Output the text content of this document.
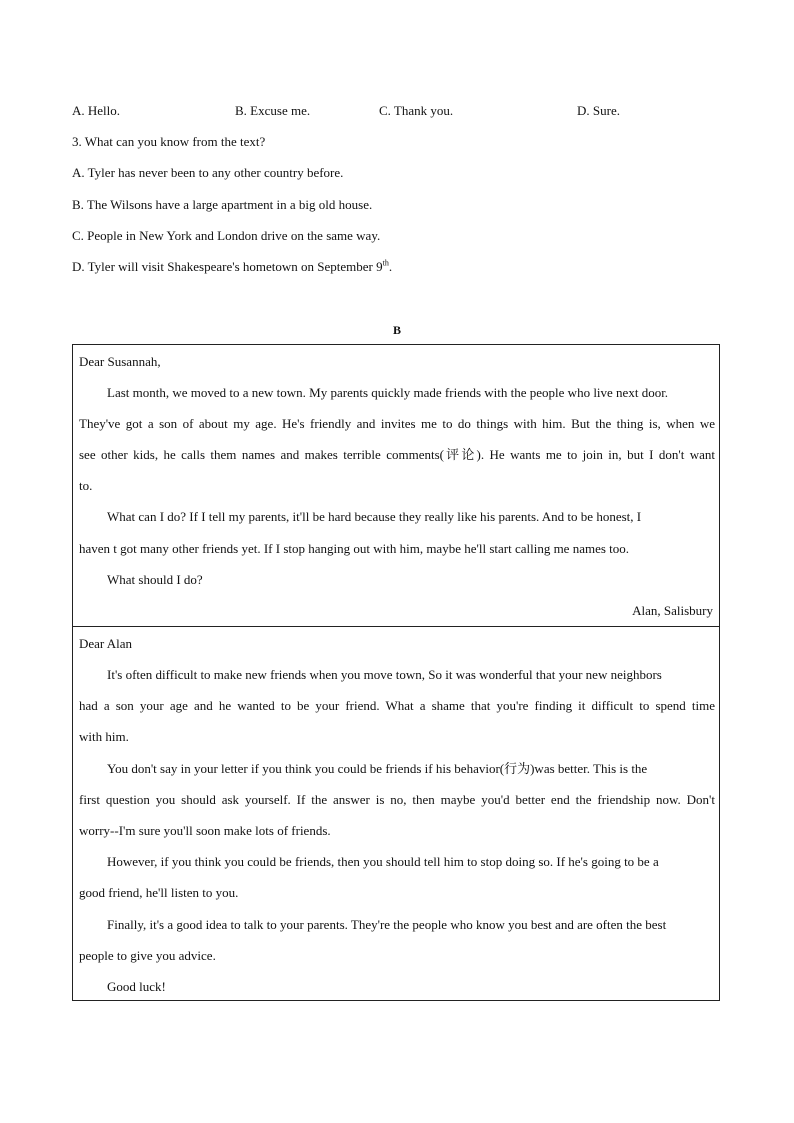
A. Hello.	B. Excuse me.	C. Thank you.	D. Sure.
3. What can you know from the text?
A. Tyler has never been to any other country before.
B. The Wilsons have a large apartment in a big old house.
C. People in New York and London drive on the same way.
D. Tyler will visit Shakespeare's hometown on September 9th.
B
Dear Susannah,
Last month, we moved to a new town. My parents quickly made friends with the people who live next door.
They've got a son of about my age. He's friendly and invites me to do things with him. But the thing is, when we
see other kids, he calls them names and makes terrible comments(评论). He wants me to join in, but I don't want
to.
What can I do? If I tell my parents, it'll be hard because they really like his parents. And to be honest, I
haven t got many other friends yet. If I stop hanging out with him, maybe he'll start calling me names too.
What should I do?
Alan, Salisbury
Dear Alan
It's often difficult to make new friends when you move town, So it was wonderful that your new neighbors
had a son your age and he wanted to be your friend. What a shame that you're finding it difficult to spend time
with him.
You don't say in your letter if you think you could be friends if his behavior(行为)was better. This is the
first question you should ask yourself. If the answer is no, then maybe you'd better end the friendship now. Don't
worry--I'm sure you'll soon make lots of friends.
However, if you think you could be friends, then you should tell him to stop doing so. If he's going to be a
good friend, he'll listen to you.
Finally, it's a good idea to talk to your parents. They're the people who know you best and are often the best
people to give you advice.
Good luck!
